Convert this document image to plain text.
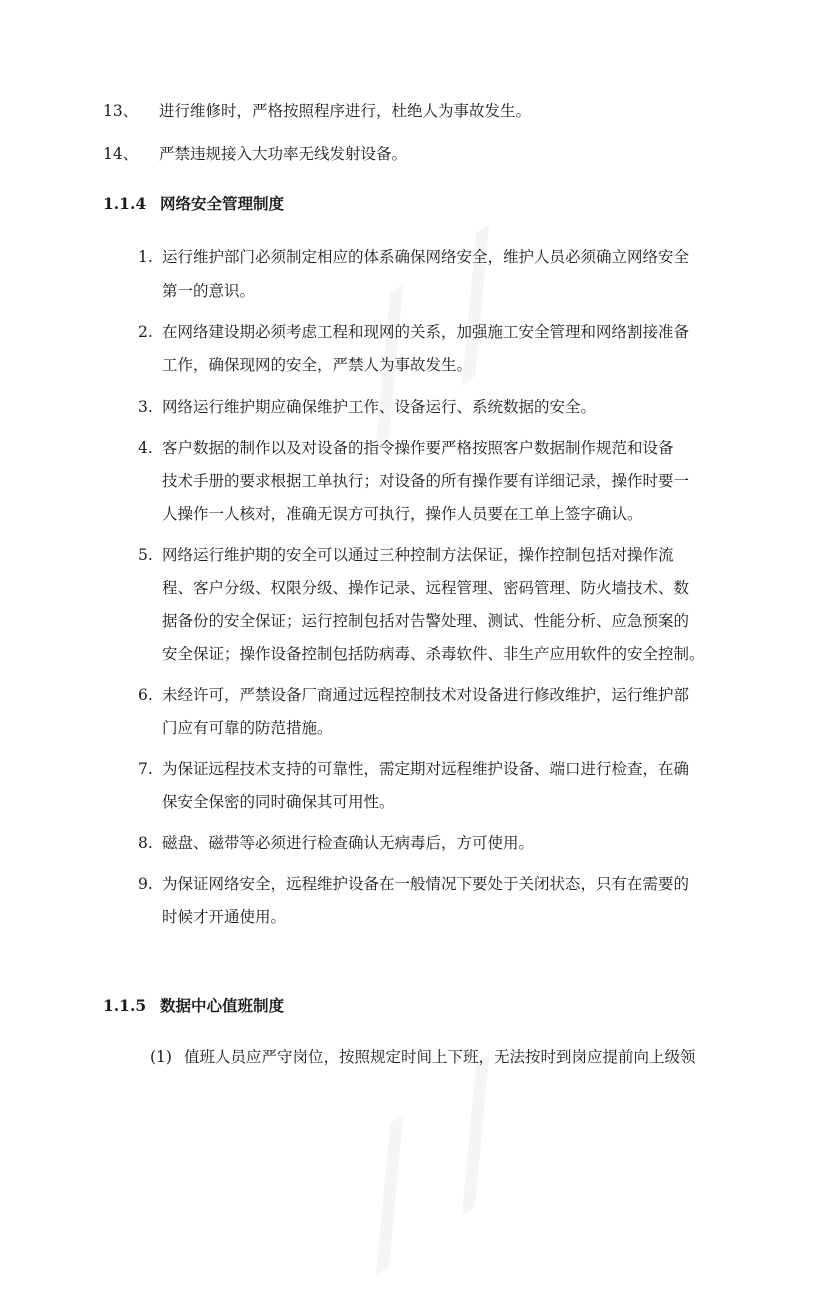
13、 进行维修时，严格按照程序进行，杜绝人为事故发生。
14、 严禁违规接入大功率无线发射设备。
1.1.4 网络安全管理制度
1. 运行维护部门必须制定相应的体系确保网络安全，维护人员必须确立网络安全
第一的意识。
2. 在网络建设期必须考虑工程和现网的关系，加强施工安全管理和网络割接准备
工作，确保现网的安全，严禁人为事故发生。
3. 网络运行维护期应确保维护工作、设备运行、系统数据的安全。
4. 客户数据的制作以及对设备的指令操作要严格按照客户数据制作规范和设备
技术手册的要求根据工单执行；对设备的所有操作要有详细记录，操作时要一
人操作一人核对，准确无误方可执行，操作人员要在工单上签字确认。
5. 网络运行维护期的安全可以通过三种控制方法保证，操作控制包括对操作流
程、客户分级、权限分级、操作记录、远程管理、密码管理、防火墙技术、数
据备份的安全保证；运行控制包括对告警处理、测试、性能分析、应急预案的
安全保证；操作设备控制包括防病毒、杀毒软件、非生产应用软件的安全控制。
6. 未经许可，严禁设备厂商通过远程控制技术对设备进行修改维护，运行维护部
门应有可靠的防范措施。
7. 为保证远程技术支持的可靠性，需定期对远程维护设备、端口进行检查，在确
保安全保密的同时确保其可用性。
8. 磁盘、磁带等必须进行检查确认无病毒后，方可使用。
9. 为保证网络安全，远程维护设备在一般情况下要处于关闭状态，只有在需要的
时候才开通使用。
1.1.5 数据中心值班制度
(1) 值班人员应严守岗位，按照规定时间上下班，无法按时到岗应提前向上级领
